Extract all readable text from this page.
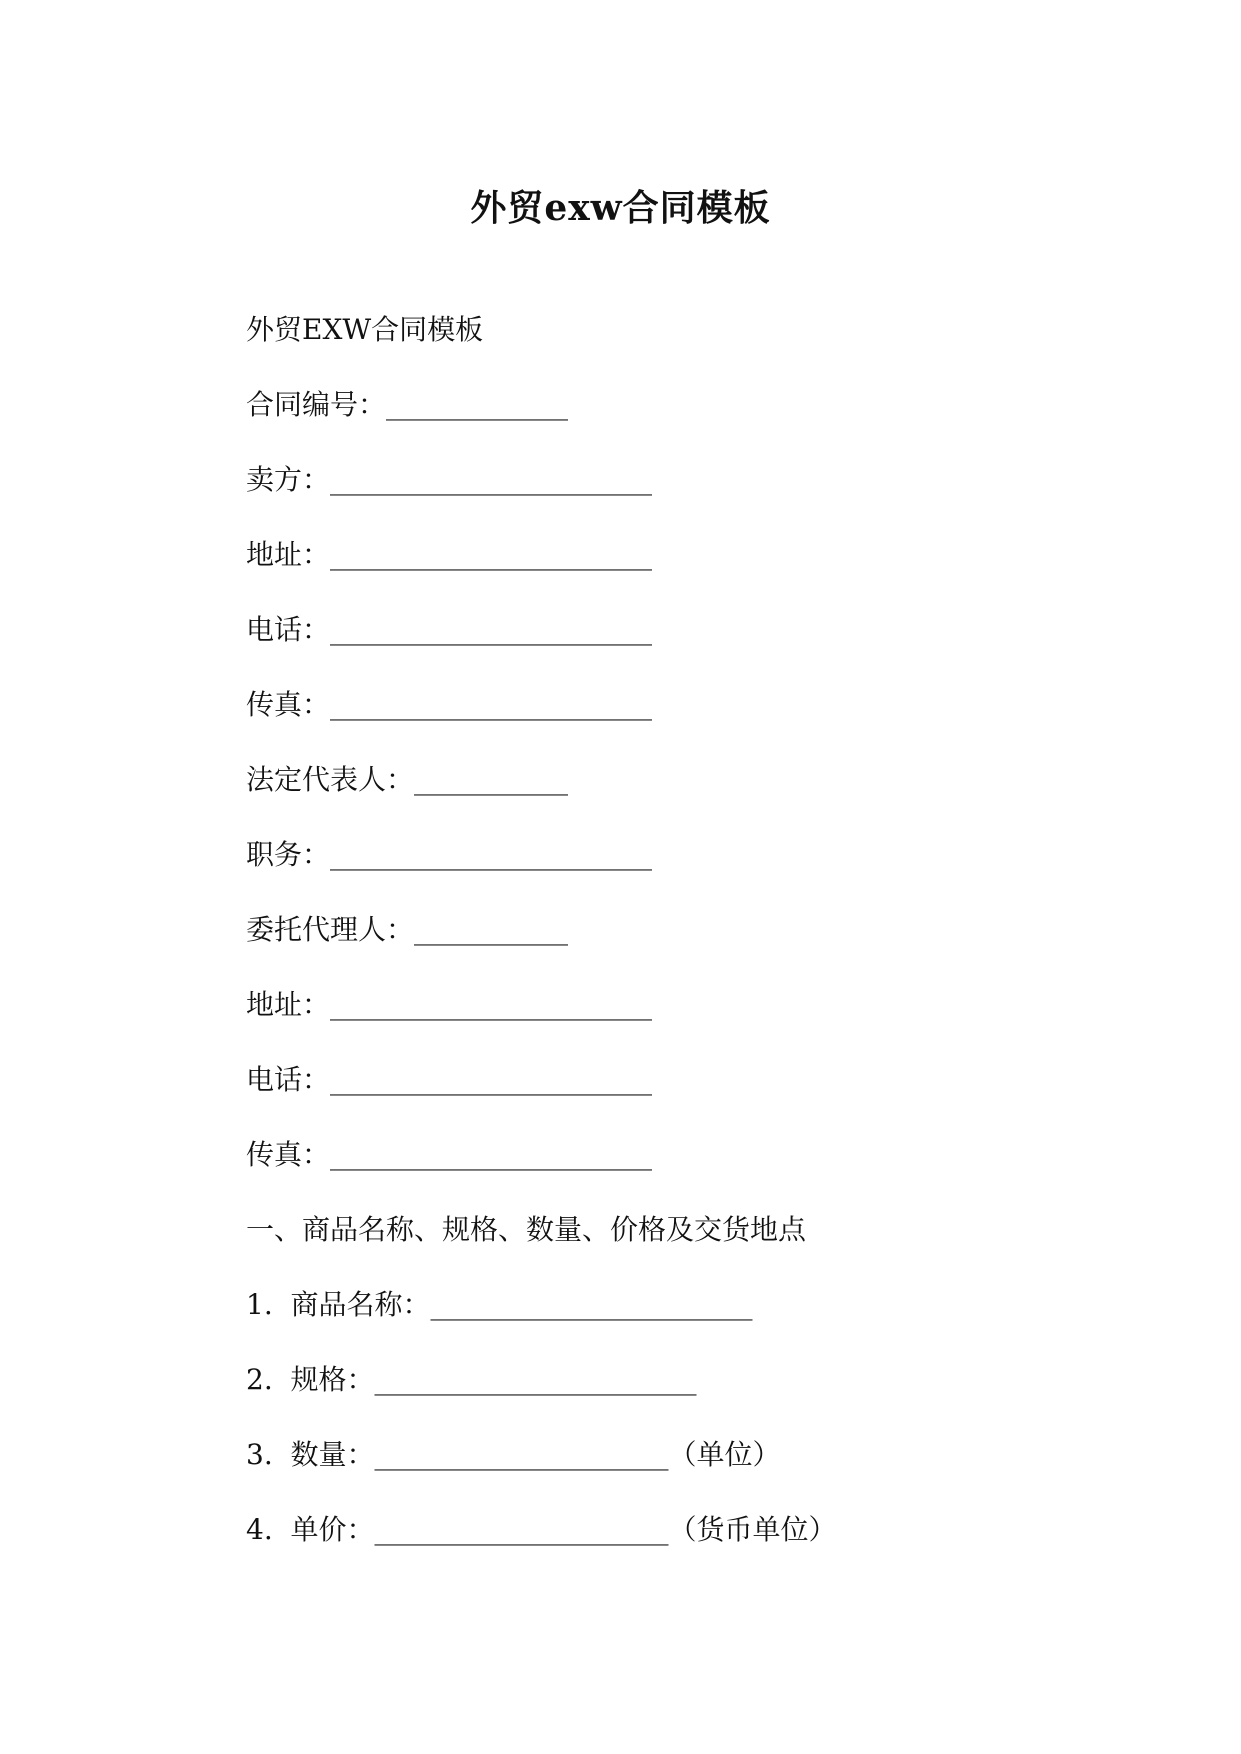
外贸exw合同模板
外贸EXW合同模板
合同编号：_____________
卖方：_______________________
地址：_______________________
电话：_______________________
传真：_______________________
法定代表人：___________
职务：_______________________
委托代理人：___________
地址：_______________________
电话：_______________________
传真：_______________________
一、商品名称、规格、数量、价格及交货地点
1.  商品名称：_______________________
2.  规格：_______________________
3.  数量：_____________________（单位）
4.  单价：_____________________（货币单位）
